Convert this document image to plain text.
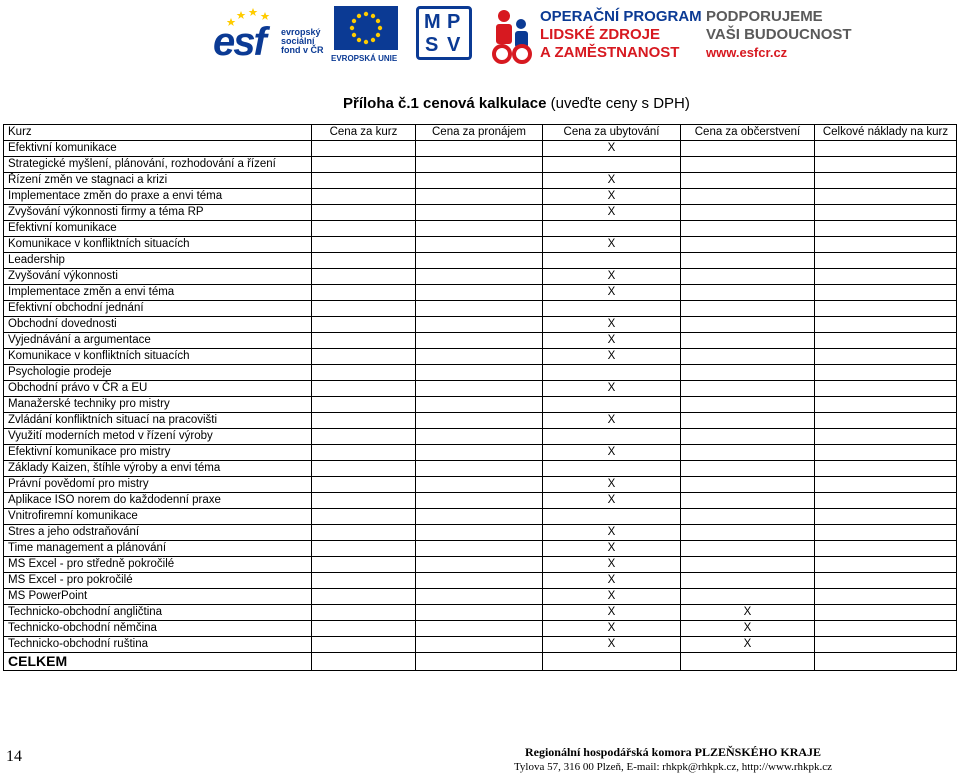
esf evropský
sociální
fond v ČR
EVROPSKÁ UNIE
M P
S V
OPERAČNÍ PROGRAM
LIDSKÉ ZDROJE
A ZAMĚSTNANOST
PODPORUJEME
VAŠI BUDOUCNOST
www.esfcr.cz
Příloha č.1 cenová kalkulace (uveďte ceny s DPH)
Kurz	Cena za kurz	Cena za pronájem	Cena za ubytování	Cena za občerstvení	Celkové náklady na kurz
Efektivní komunikace			X		
Strategické myšlení, plánování, rozhodování a řízení					
Řízení změn ve stagnaci a krizi			X		
Implementace změn do praxe a envi téma			X		
Zvyšování výkonnosti firmy a téma RP			X		
Efektivní komunikace					
Komunikace v konfliktních situacích			X		
Leadership					
Zvyšování výkonnosti			X		
Implementace změn a envi téma			X		
Efektivní obchodní jednání					
Obchodní dovednosti			X		
Vyjednávání a argumentace			X		
Komunikace v konfliktních situacích			X		
Psychologie prodeje					
Obchodní právo v ČR a EU			X		
Manažerské techniky pro mistry					
Zvládání konfliktních situací na pracovišti			X		
Využití moderních metod v řízení výroby					
Efektivní komunikace pro mistry			X		
Základy Kaizen, štíhle výroby a envi téma					
Právní povědomí pro mistry			X		
Aplikace ISO norem do každodenní praxe			X		
Vnitrofiremní komunikace					
Stres a jeho odstraňování			X		
Time management a plánování			X		
MS Excel - pro středně pokročilé			X		
MS Excel - pro pokročilé			X		
MS PowerPoint			X		
Technicko-obchodní angličtina			X	X	
Technicko-obchodní němčina			X	X	
Technicko-obchodní ruština			X	X	
CELKEM					
14	Regionální hospodářská komora PLZEŇSKÉHO KRAJE
Tylova 57, 316 00 Plzeň, E-mail: rhkpk@rhkpk.cz, http://www.rhkpk.cz
